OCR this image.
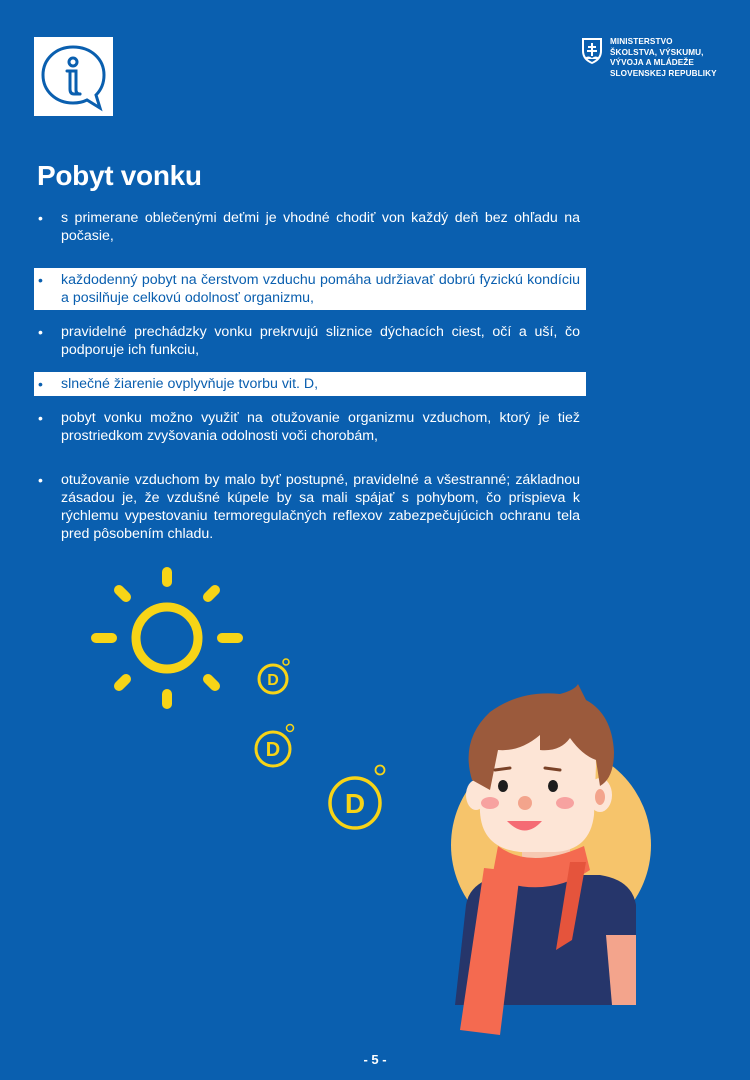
MINISTERSTVO
ŠKOLSTVA, VÝSKUMU,
VÝVOJA A MLÁDEŽE
SLOVENSKEJ REPUBLIKY
Pobyt vonku
• s primerane oblečenými deťmi je vhodné chodiť von každý deň bez ohľadu na počasie,
• každodenný pobyt na čerstvom vzduchu pomáha udržiavať dobrú fyzickú kondíciu a posilňuje celkovú odolnosť organizmu,
• pravidelné prechádzky vonku prekrvujú sliznice dýchacích ciest, očí a uší, čo podporuje ich funkciu,
• slnečné žiarenie ovplyvňuje tvorbu vit. D,
• pobyt vonku možno využiť na otužovanie organizmu vzduchom, ktorý je tiež prostriedkom zvyšovania odolnosti voči chorobám,
• otužovanie vzduchom by malo byť postupné, pravidelné a všestranné; základnou zásadou je, že vzdušné kúpele by sa mali spájať s pohybom, čo prispieva k rýchlemu vypestovaniu termoregulačných reflexov zabezpečujúcich ochranu tela pred pôsobením chladu.
D
D
D
- 5 -
